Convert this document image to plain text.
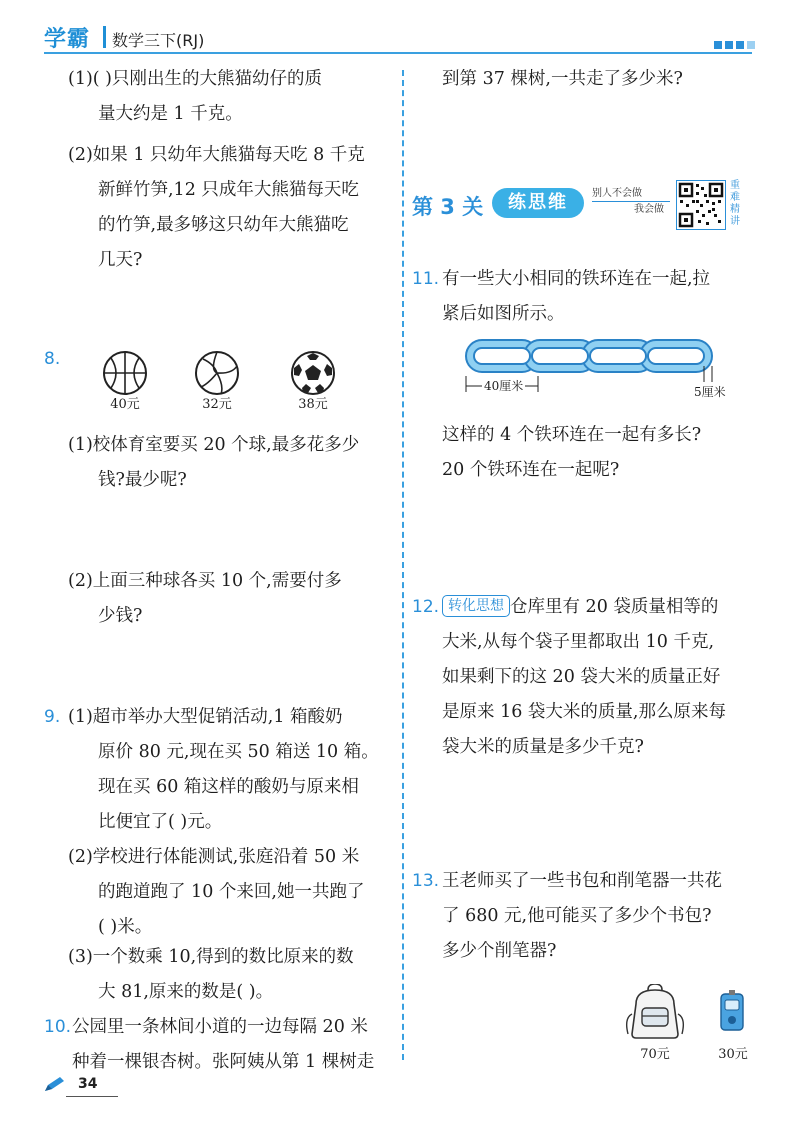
学霸 数学三下(RJ)
(1)( )只刚出生的大熊猫幼仔的质
量大约是 1 千克。
(2)如果 1 只幼年大熊猫每天吃 8 千克
新鲜竹笋,12 只成年大熊猫每天吃
的竹笋,最多够这只幼年大熊猫吃
几天?
8.
40元	32元	38元
(1)校体育室要买 20 个球,最多花多少
钱?最少呢?
(2)上面三种球各买 10 个,需要付多
少钱?
9. (1)超市举办大型促销活动,1 箱酸奶
原价 80 元,现在买 50 箱送 10 箱。
现在买 60 箱这样的酸奶与原来相
比便宜了( )元。
(2)学校进行体能测试,张庭沿着 50 米
的跑道跑了 10 个来回,她一共跑了
( )米。
(3)一个数乘 10,得到的数比原来的数
大 81,原来的数是( )。
10. 公园里一条林间小道的一边每隔 20 米
种着一棵银杏树。张阿姨从第 1 棵树走
到第 37 棵树,一共走了多少米?
第 3 关	练思维	别人不会做
我会做
重难精讲
11. 有一些大小相同的铁环连在一起,拉
紧后如图所示。
40厘米	5厘米
这样的 4 个铁环连在一起有多长?
20 个铁环连在一起呢?
12. 转化思想 仓库里有 20 袋质量相等的
大米,从每个袋子里都取出 10 千克,
如果剩下的这 20 袋大米的质量正好
是原来 16 袋大米的质量,那么原来每
袋大米的质量是多少千克?
13. 王老师买了一些书包和削笔器一共花
了 680 元,他可能买了多少个书包?
多少个削笔器?
70元	30元
34
